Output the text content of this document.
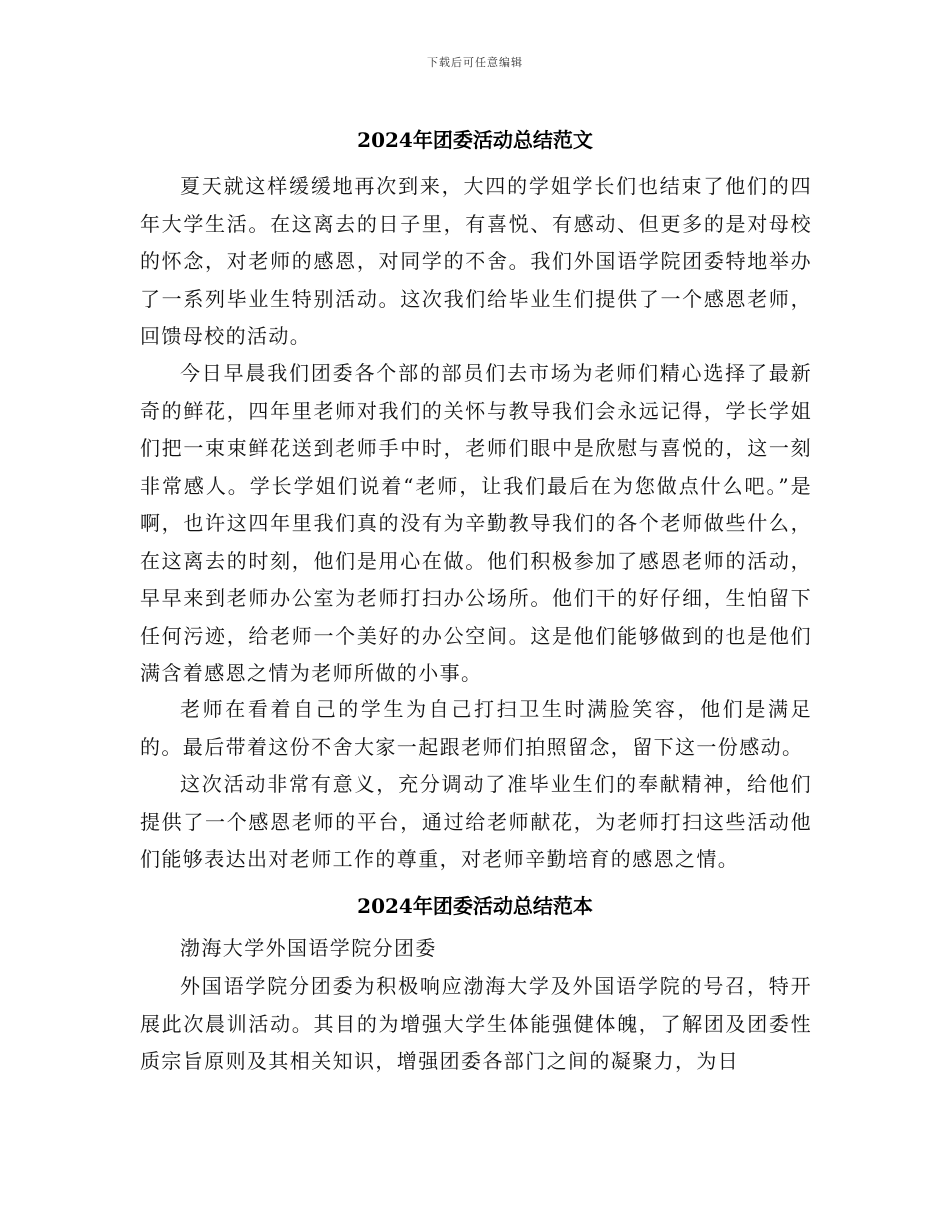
下载后可任意编辑
2024年团委活动总结范文

夏天就这样缓缓地再次到来，大四的学姐学长们也结束了他们的四年大学生活。在这离去的日子里，有喜悦、有感动、但更多的是对母校的怀念，对老师的感恩，对同学的不舍。我们外国语学院团委特地举办了一系列毕业生特别活动。这次我们给毕业生们提供了一个感恩老师，回馈母校的活动。

今日早晨我们团委各个部的部员们去市场为老师们精心选择了最新奇的鲜花，四年里老师对我们的关怀与教导我们会永远记得，学长学姐们把一束束鲜花送到老师手中时，老师们眼中是欣慰与喜悦的，这一刻非常感人。学长学姐们说着“老师，让我们最后在为您做点什么吧。”是啊，也许这四年里我们真的没有为辛勤教导我们的各个老师做些什么，在这离去的时刻，他们是用心在做。他们积极参加了感恩老师的活动，早早来到老师办公室为老师打扫办公场所。他们干的好仔细，生怕留下任何污迹，给老师一个美好的办公空间。这是他们能够做到的也是他们满含着感恩之情为老师所做的小事。

老师在看着自己的学生为自己打扫卫生时满脸笑容，他们是满足的。最后带着这份不舍大家一起跟老师们拍照留念，留下这一份感动。

这次活动非常有意义，充分调动了准毕业生们的奉献精神，给他们提供了一个感恩老师的平台，通过给老师献花，为老师打扫这些活动他们能够表达出对老师工作的尊重，对老师辛勤培育的感恩之情。

2024年团委活动总结范本

渤海大学外国语学院分团委

外国语学院分团委为积极响应渤海大学及外国语学院的号召，特开展此次晨训活动。其目的为增强大学生体能强健体魄，了解团及团委性质宗旨原则及其相关知识，增强团委各部门之间的凝聚力，为日
